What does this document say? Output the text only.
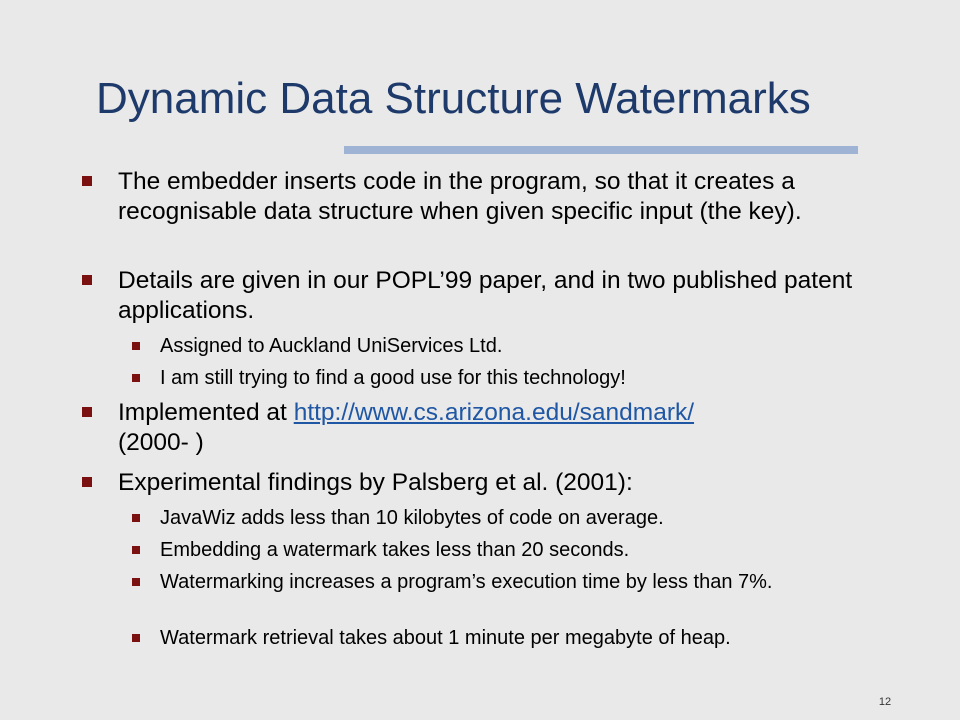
Dynamic Data Structure Watermarks
The embedder inserts code in the program, so that it creates a recognisable data structure when given specific input (the key).
Details are given in our POPL’99 paper, and in two published patent applications.
Assigned to Auckland UniServices Ltd.
I am still trying to find a good use for this technology!
Implemented at http://www.cs.arizona.edu/sandmark/
(2000- )
Experimental findings by Palsberg et al. (2001):
JavaWiz adds less than 10 kilobytes of code on average.
Embedding a watermark takes less than 20 seconds.
Watermarking increases a program’s execution time by less than 7%.
Watermark retrieval takes about 1 minute per megabyte of heap.
12
